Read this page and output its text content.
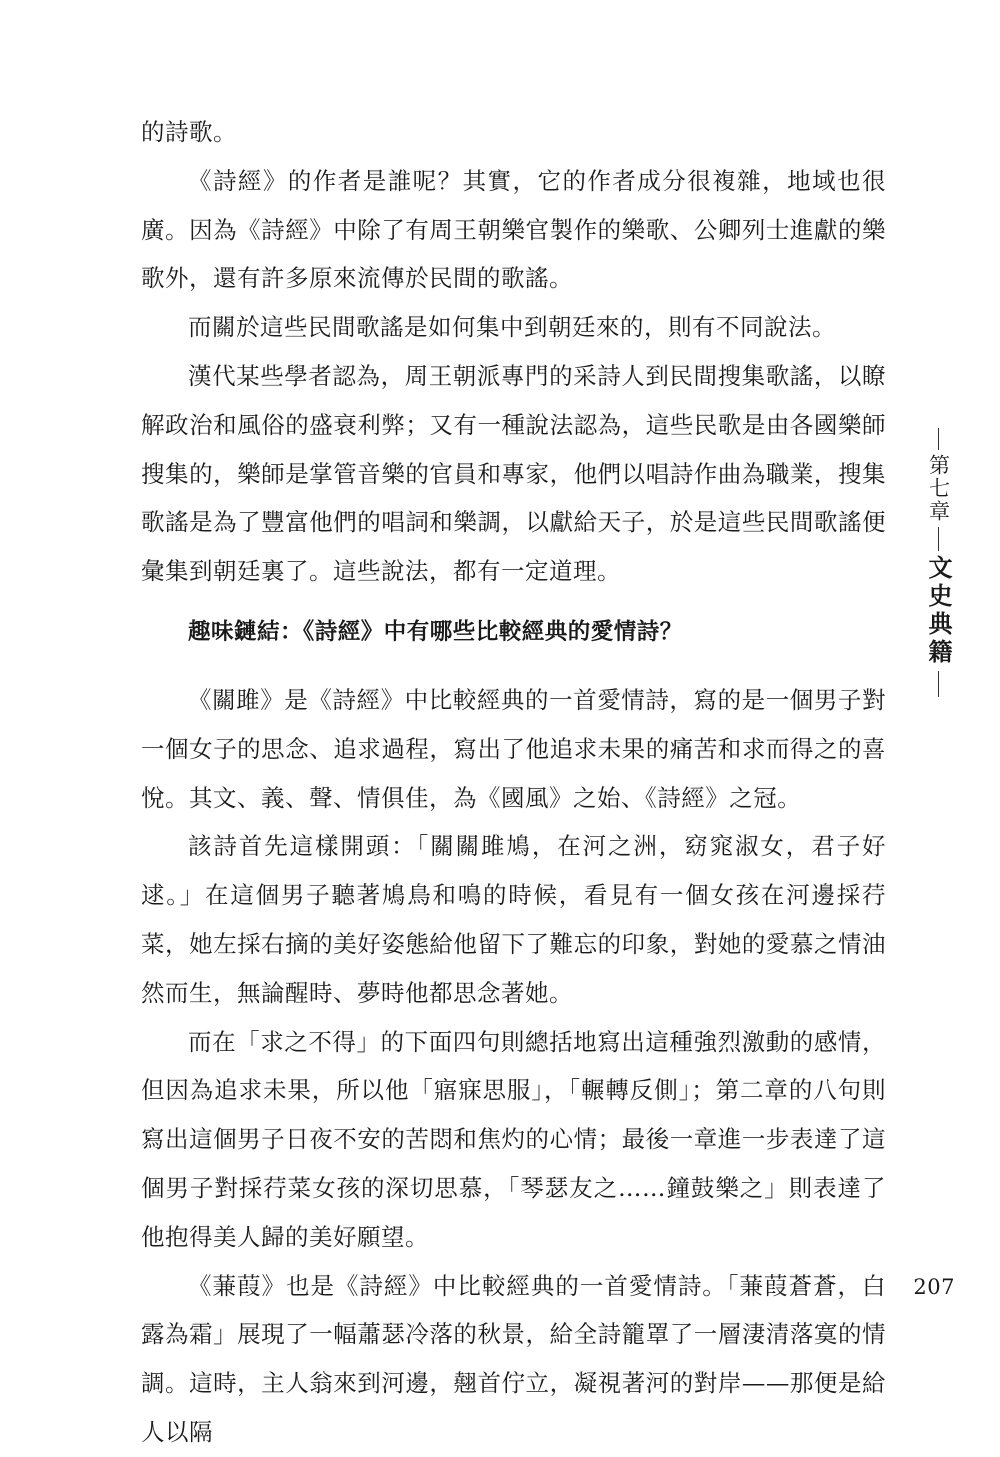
的詩歌。

《詩經》的作者是誰呢？其實，它的作者成分很複雜，地域也很廣。因為《詩經》中除了有周王朝樂官製作的樂歌、公卿列士進獻的樂歌外，還有許多原來流傳於民間的歌謠。

而關於這些民間歌謠是如何集中到朝廷來的，則有不同說法。

漢代某些學者認為，周王朝派專門的采詩人到民間搜集歌謠，以瞭解政治和風俗的盛衰利弊；又有一種說法認為，這些民歌是由各國樂師搜集的，樂師是掌管音樂的官員和專家，他們以唱詩作曲為職業，搜集歌謠是為了豐富他們的唱詞和樂調，以獻給天子，於是這些民間歌謠便彙集到朝廷裏了。這些說法，都有一定道理。

趣味鏈結：《詩經》中有哪些比較經典的愛情詩？

《關雎》是《詩經》中比較經典的一首愛情詩，寫的是一個男子對一個女子的思念、追求過程，寫出了他追求未果的痛苦和求而得之的喜悅。其文、義、聲、情俱佳，為《國風》之始、《詩經》之冠。

該詩首先這樣開頭：「關關雎鳩，在河之洲，窈窕淑女，君子好逑。」在這個男子聽著鳩鳥和鳴的時候，看見有一個女孩在河邊採荇菜，她左採右摘的美好姿態給他留下了難忘的印象，對她的愛慕之情油然而生，無論醒時、夢時他都思念著她。

而在「求之不得」的下面四句則總括地寫出這種強烈激動的感情，但因為追求未果，所以他「寤寐思服」，「輾轉反側」；第二章的八句則寫出這個男子日夜不安的苦悶和焦灼的心情；最後一章進一步表達了這個男子對採荇菜女孩的深切思慕，「琴瑟友之……鐘鼓樂之」則表達了他抱得美人歸的美好願望。

《蒹葭》也是《詩經》中比較經典的一首愛情詩。「蒹葭蒼蒼，白露為霜」展現了一幅蕭瑟冷落的秋景，給全詩籠罩了一層淒清落寞的情調。這時，主人翁來到河邊，翹首佇立，凝視著河的對岸——那便是給人以隔

第七章
文史典籍
207
